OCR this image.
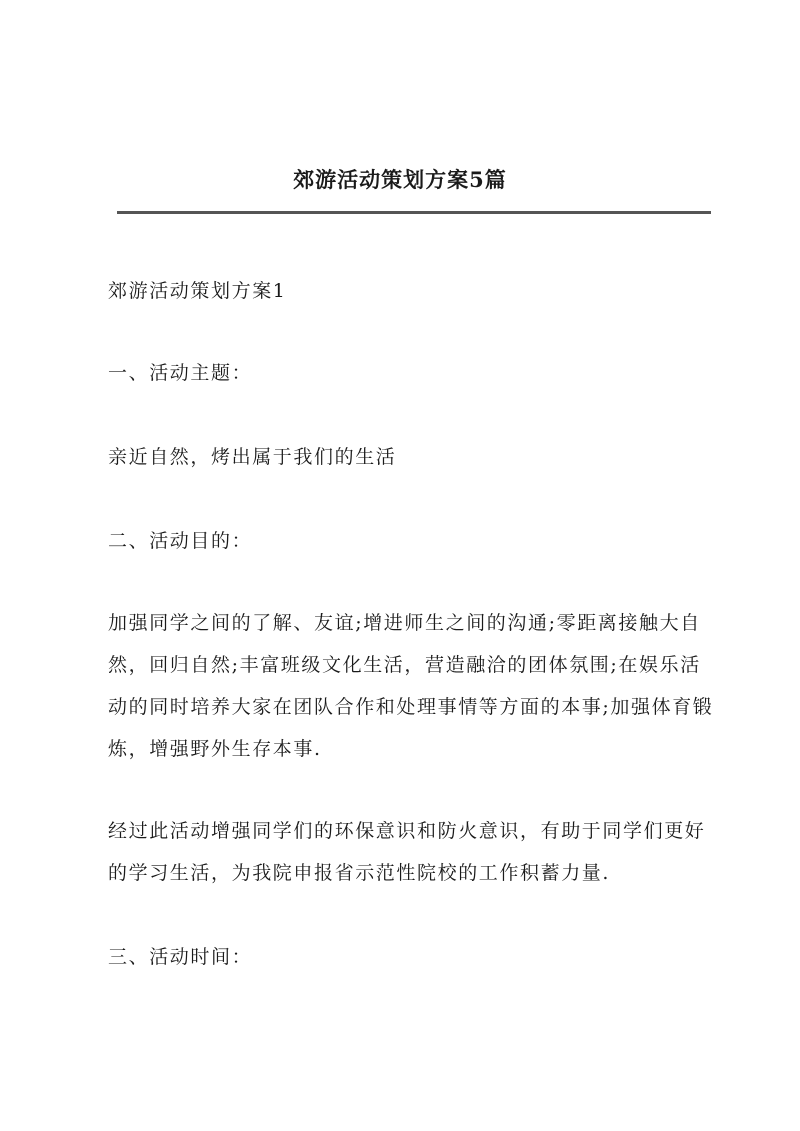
郊游活动策划方案5篇

郊游活动策划方案1

一、活动主题：

亲近自然，烤出属于我们的生活

二、活动目的：

加强同学之间的了解、友谊;增进师生之间的沟通;零距离接触大自然，回归自然;丰富班级文化生活，营造融洽的团体氛围;在娱乐活动的同时培养大家在团队合作和处理事情等方面的本事;加强体育锻炼，增强野外生存本事.

经过此活动增强同学们的环保意识和防火意识，有助于同学们更好的学习生活，为我院申报省示范性院校的工作积蓄力量.

三、活动时间：
